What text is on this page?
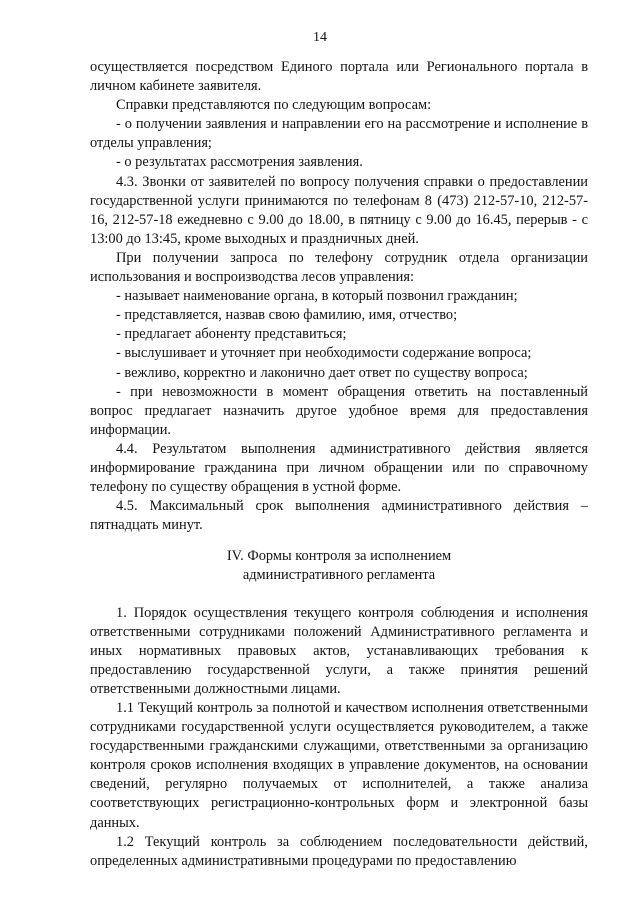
14

осуществляется посредством Единого портала или Регионального портала в личном кабинете заявителя.

Справки представляются по следующим вопросам:

- о получении заявления и направлении его на рассмотрение и исполнение в отделы управления;

- о результатах рассмотрения заявления.

4.3. Звонки от заявителей по вопросу получения справки о предоставлении государственной услуги принимаются по телефонам 8 (473) 212-57-10, 212-57-16, 212-57-18 ежедневно с 9.00 до 18.00, в пятницу с 9.00 до 16.45, перерыв - с 13:00 до 13:45, кроме выходных и праздничных дней.

При получении запроса по телефону сотрудник отдела организации использования и воспроизводства лесов управления:

- называет наименование органа, в который позвонил гражданин;

- представляется, назвав свою фамилию, имя, отчество;

- предлагает абоненту представиться;

- выслушивает и уточняет при необходимости содержание вопроса;

- вежливо, корректно и лаконично дает ответ по существу вопроса;

- при невозможности в момент обращения ответить на поставленный вопрос предлагает назначить другое удобное время для предоставления информации.

4.4. Результатом выполнения административного действия является информирование гражданина при личном обращении или по справочному телефону по существу обращения в устной форме.

4.5. Максимальный срок выполнения административного действия – пятнадцать минут.

IV. Формы контроля за исполнением
административного регламента

1. Порядок осуществления текущего контроля соблюдения и исполнения ответственными сотрудниками положений Административного регламента и иных нормативных правовых актов, устанавливающих требования к предоставлению государственной услуги, а также принятия решений ответственными должностными лицами.

1.1 Текущий контроль за полнотой и качеством исполнения ответственными сотрудниками государственной услуги осуществляется руководителем, а также государственными гражданскими служащими, ответственными за организацию контроля сроков исполнения входящих в управление документов, на основании сведений, регулярно получаемых от исполнителей, а также анализа соответствующих регистрационно-контрольных форм и электронной базы данных.

1.2 Текущий контроль за соблюдением последовательности действий, определенных административными процедурами по предоставлению
